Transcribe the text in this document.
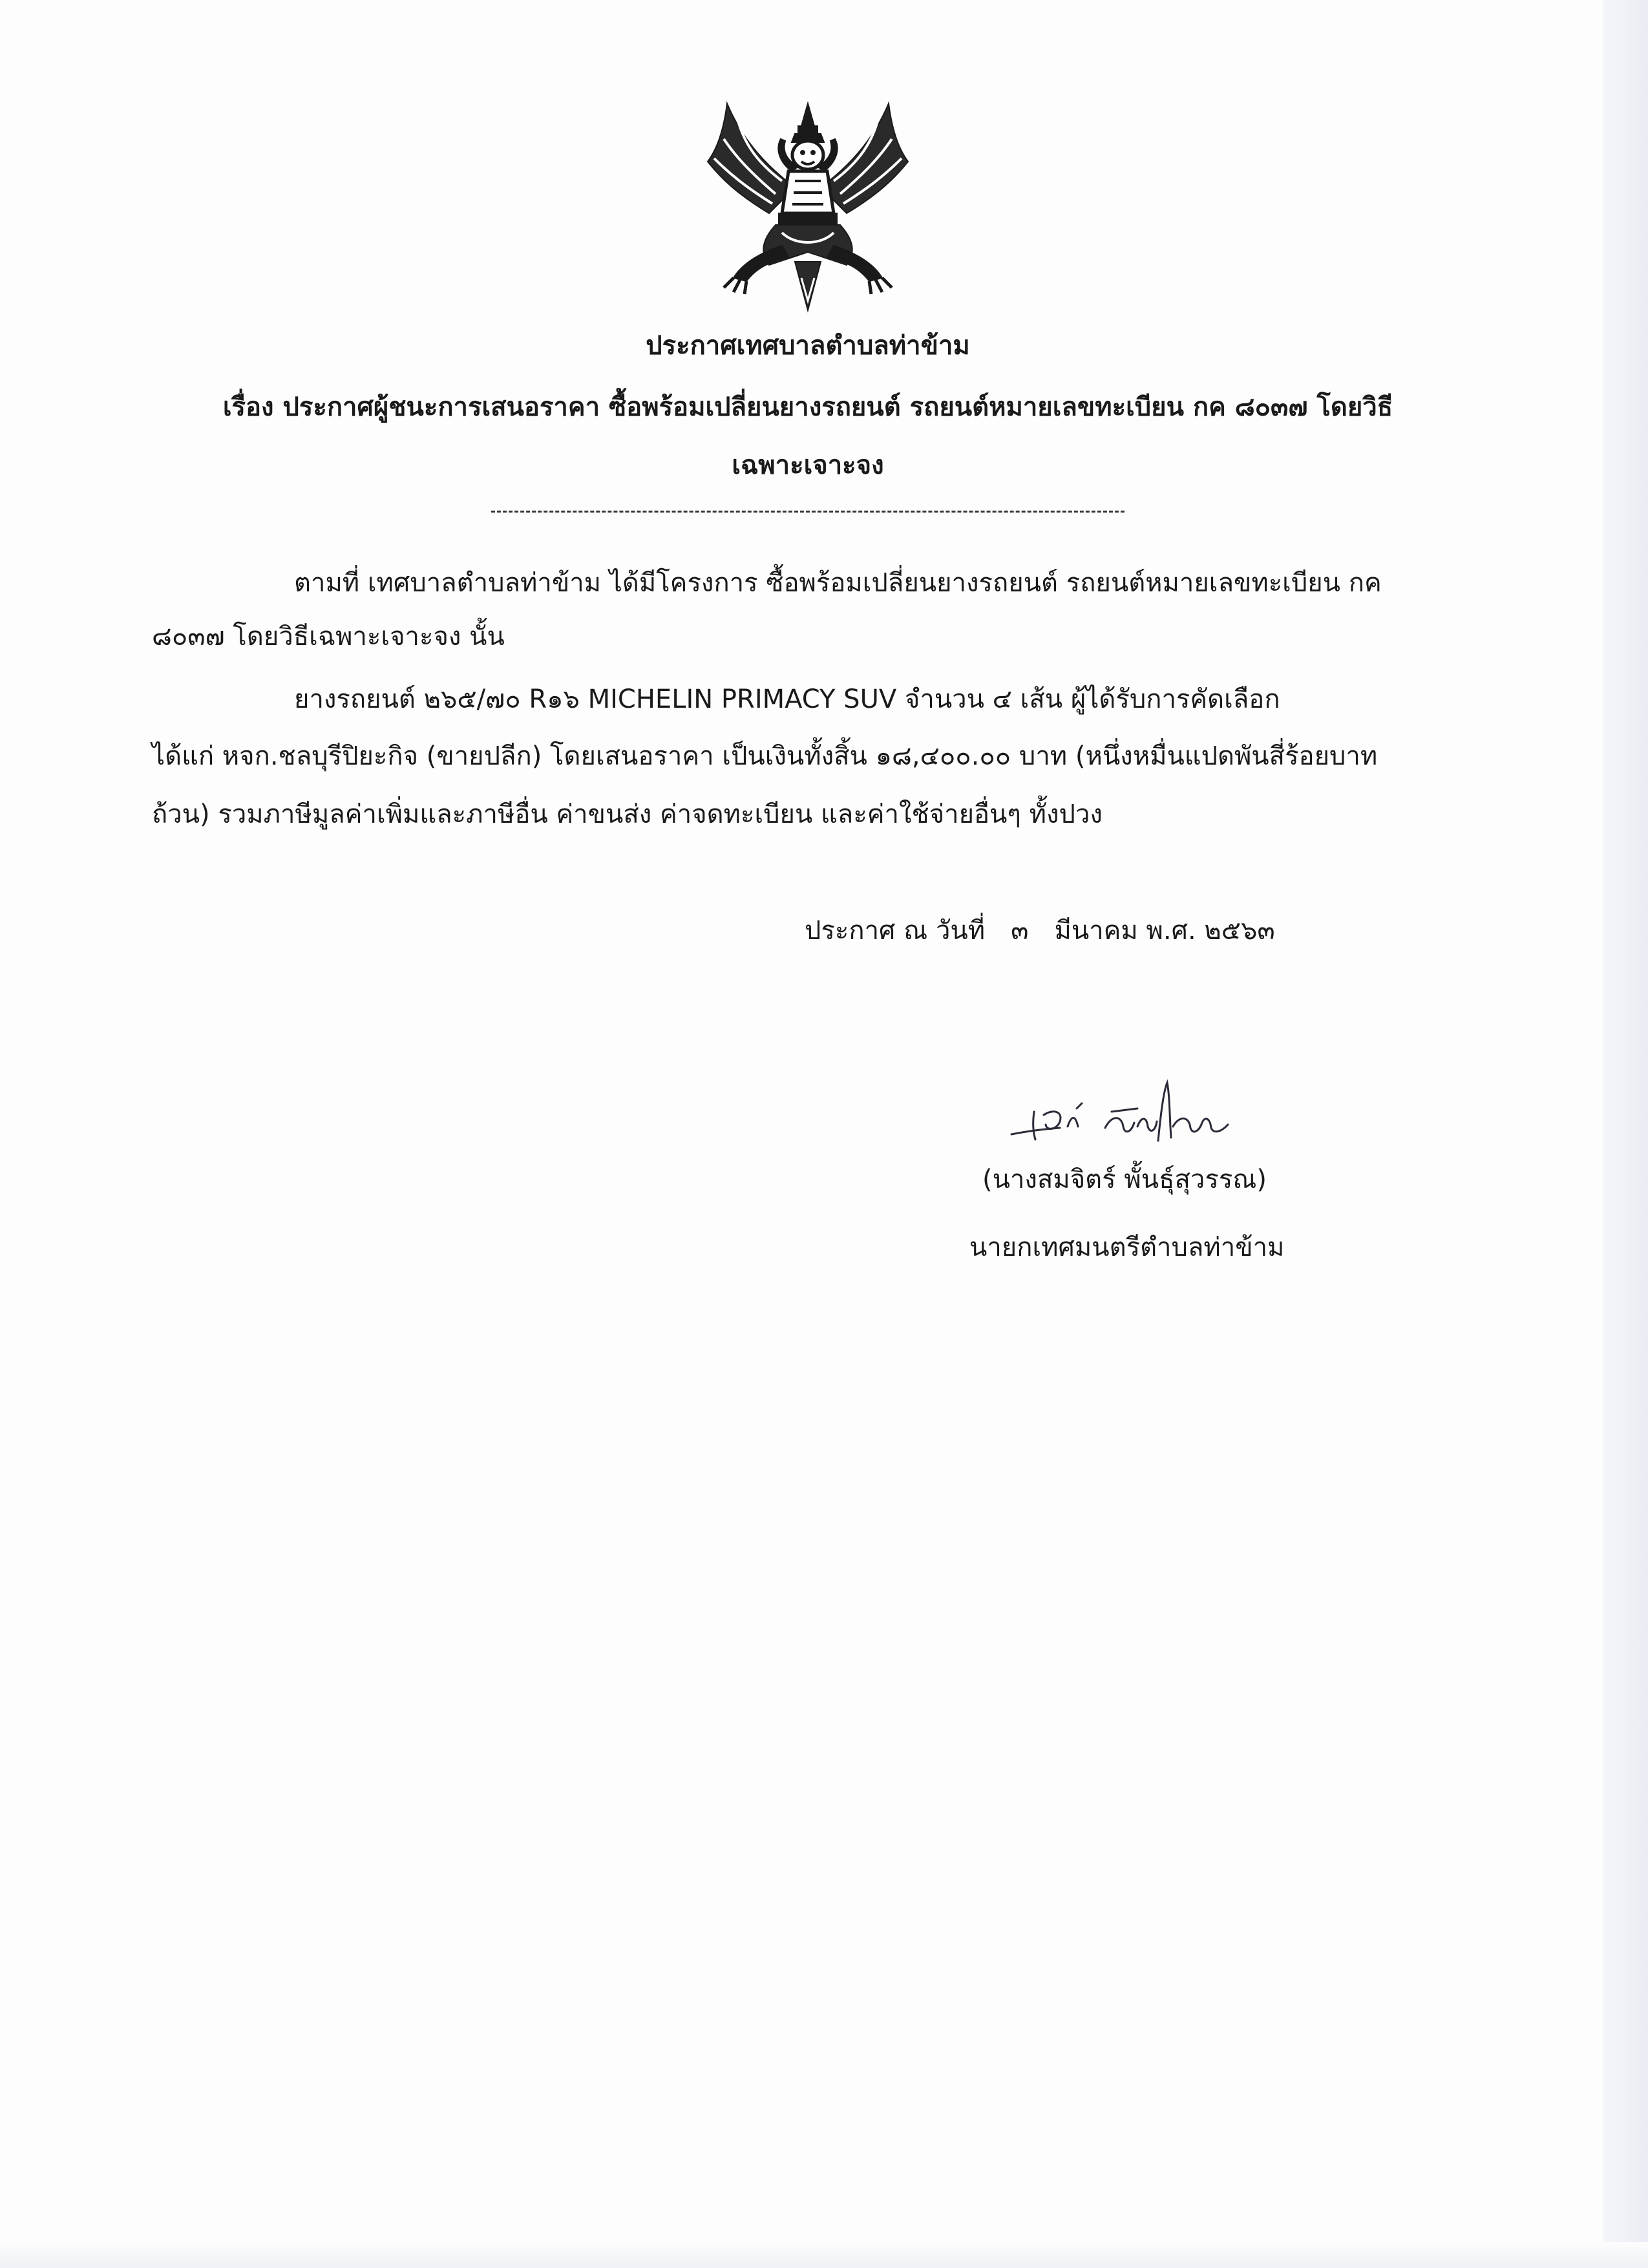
ประกาศเทศบาลตำบลท่าข้าม
เรื่อง ประกาศผู้ชนะการเสนอราคา ซื้อพร้อมเปลี่ยนยางรถยนต์ รถยนต์หมายเลขทะเบียน กค ๘๐๓๗ โดยวิธี
เฉพาะเจาะจง
ตามที่ เทศบาลตำบลท่าข้าม ได้มีโครงการ ซื้อพร้อมเปลี่ยนยางรถยนต์ รถยนต์หมายเลขทะเบียน กค
๘๐๓๗ โดยวิธีเฉพาะเจาะจง นั้น
ยางรถยนต์ ๒๖๕/๗๐ R๑๖ MICHELIN PRIMACY SUV จำนวน ๔ เส้น ผู้ได้รับการคัดเลือก
ได้แก่ หจก.ชลบุรีปิยะกิจ (ขายปลีก) โดยเสนอราคา เป็นเงินทั้งสิ้น ๑๘,๔๐๐.๐๐ บาท (หนึ่งหมื่นแปดพันสี่ร้อยบาท
ถ้วน) รวมภาษีมูลค่าเพิ่มและภาษีอื่น ค่าขนส่ง ค่าจดทะเบียน และค่าใช้จ่ายอื่นๆ ทั้งปวง
ประกาศ ณ วันที่ ๓ มีนาคม พ.ศ. ๒๕๖๓
(นางสมจิตร์ พั้นธุ์สุวรรณ)
นายกเทศมนตรีตำบลท่าข้าม
